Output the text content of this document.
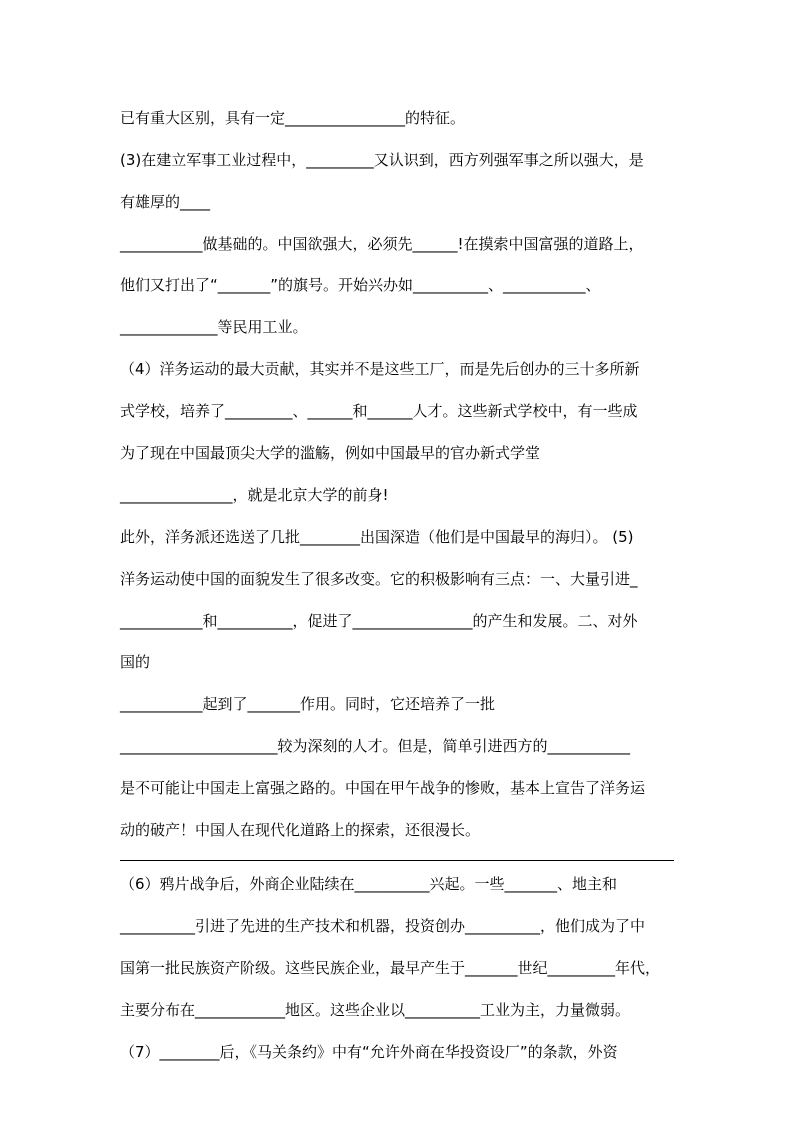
已有重大区别，具有一定________________的特征。
(3)在建立军事工业过程中，_________又认识到，西方列强军事之所以强大，是
有雄厚的____
___________做基础的。中国欲强大，必须先______!在摸索中国富强的道路上，
他们又打出了“_______”的旗号。开始兴办如__________、___________、
_____________等民用工业。
（4）洋务运动的最大贡献，其实并不是这些工厂，而是先后创办的三十多所新
式学校，培养了_________、______和______人才。这些新式学校中，有一些成
为了现在中国最顶尖大学的滥觞，例如中国最早的官办新式学堂
_______________，就是北京大学的前身!
此外，洋务派还选送了几批________出国深造（他们是中国最早的海归）。 (5)
洋务运动使中国的面貌发生了很多改变。它的积极影响有三点：一、大量引进_
___________和__________，促进了________________的产生和发展。二、对外
国的
___________起到了_______作用。同时，它还培养了一批
_____________________较为深刻的人才。但是，简单引进西方的___________
是不可能让中国走上富强之路的。中国在甲午战争的惨败，基本上宣告了洋务运
动的破产！中国人在现代化道路上的探索，还很漫长。
（6）鸦片战争后，外商企业陆续在__________兴起。一些_______、地主和
__________引进了先进的生产技术和机器，投资创办__________，他们成为了中
国第一批民族资产阶级。这些民族企业，最早产生于_______世纪_________年代，
主要分布在____________地区。这些企业以__________工业为主，力量微弱。
（7）________后，《马关条约》中有“允许外商在华投资设厂”的条款，外资
